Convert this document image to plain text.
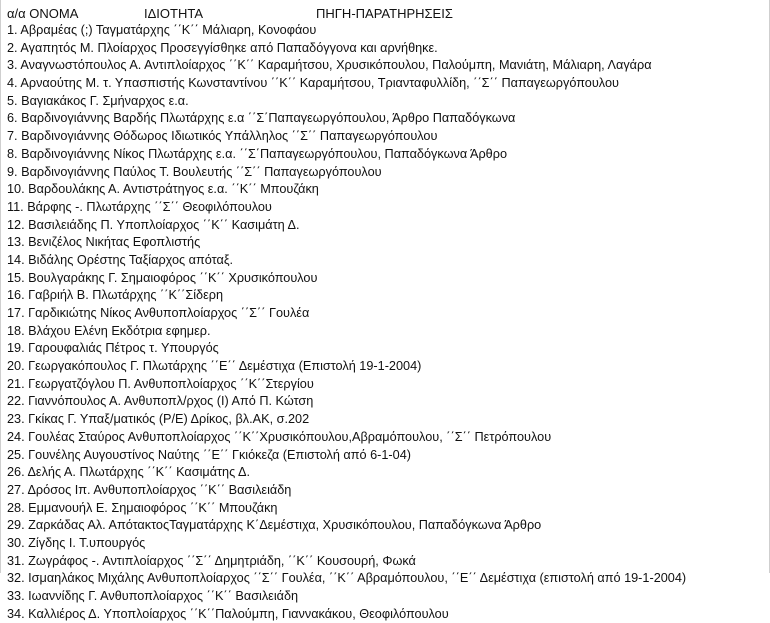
α/α ΟΝΟΜΑ	ΙΔΙΟΤΗΤΑ	ΠΗΓΗ-ΠΑΡΑΤΗΡΗΣΕΙΣ
1. Αβραμέας (;) Ταγματάρχης ΄΄Κ΄΄ Μάλιαρη, Κονοφάου
2. Αγαπητός Μ. Πλοίαρχος Προσεγγίσθηκε από Παπαδόγγονα και αρνήθηκε.
3. Αναγνωστόπουλος Α. Αντιπλοίαρχος ΄΄Κ΄΄ Καραμήτσου, Χρυσικόπουλου, Παλούμπη, Μανιάτη, Μάλιαρη, Λαγάρα
4. Αρναούτης Μ. τ. Υπασπιστής Κωνσταντίνου ΄΄Κ΄΄ Καραμήτσου, Τριανταφυλλίδη, ΄΄Σ΄΄ Παπαγεωργόπουλου
5. Βαγιακάκος Γ. Σμήναρχος ε.α.
6. Βαρδινογιάννης Βαρδής Πλωτάρχης ε.α ΄΄Σ΄Παπαγεωργόπουλου, Άρθρο Παπαδόγκωνα
7. Βαρδινογιάννης Θόδωρος Ιδιωτικός Υπάλληλος ΄΄Σ΄΄ Παπαγεωργόπουλου
8. Βαρδινογιάννης Νίκος Πλωτάρχης ε.α. ΄΄Σ΄Παπαγεωργόπουλου, Παπαδόγκωνα Άρθρο
9. Βαρδινογιάννης Παύλος Τ. Βουλευτής ΄΄Σ΄΄ Παπαγεωργόπουλου
10. Βαρδουλάκης Α. Αντιστράτηγος ε.α. ΄΄Κ΄΄ Μπουζάκη
11. Βάρφης -. Πλωτάρχης ΄΄Σ΄΄ Θεοφιλόπουλου
12. Βασιλειάδης Π. Υποπλοίαρχος ΄΄Κ΄΄ Κασιμάτη Δ.
13. Βενιζέλος Νικήτας Εφοπλιστής
14. Βιδάλης Ορέστης Ταξίαρχος απόταξ.
15. Βουλγαράκης Γ. Σημαιοφόρος ΄΄Κ΄΄ Χρυσικόπουλου
16. Γαβριήλ Β. Πλωτάρχης ΄΄Κ΄΄Σίδερη
17. Γαρδικιώτης Νίκος Ανθυποπλοίαρχος ΄΄Σ΄΄ Γουλέα
18. Βλάχου Ελένη Εκδότρια εφημερ.
19. Γαρουφαλιάς Πέτρος τ. Υπουργός
20. Γεωργακόπουλος Γ. Πλωτάρχης ΄΄Ε΄΄ Δεμέστιχα (Επιστολή 19-1-2004)
21. Γεωργατζόγλου Π. Ανθυποπλοίαρχος ΄΄Κ΄΄Στεργίου
22. Γιαννόπουλος Α. Ανθυποπλ/ρχος (Ι) Από Π. Κώτση
23. Γκίκας Γ. Υπαξ/ματικός (Ρ/Ε) Δρίκος, βλ.ΑΚ, σ.202
24. Γουλέας Σταύρος Ανθυποπλοίαρχος ΄΄Κ΄΄Χρυσικόπουλου,Αβραμόπουλου, ΄΄Σ΄΄ Πετρόπουλου
25. Γουνέλης Αυγουστίνος Ναύτης ΄΄Ε΄΄ Γκιόκεζα (Επιστολή από 6-1-04)
26. Δελής Α. Πλωτάρχης ΄΄Κ΄΄ Κασιμάτης Δ.
27. Δρόσος Ιπ. Ανθυποπλοίαρχος ΄΄Κ΄΄ Βασιλειάδη
28. Εμμανουήλ Ε. Σημαιοφόρος ΄΄Κ΄΄ Μπουζάκη
29. Ζαρκάδας Αλ. ΑπότακτοςΤαγματάρχης Κ΄Δεμέστιχα, Χρυσικόπουλου, Παπαδόγκωνα Άρθρο
30. Ζίγδης Ι. Τ.υπουργός
31. Ζωγράφος -. Αντιπλοίαρχος ΄΄Σ΄΄ Δημητριάδη, ΄΄Κ΄΄ Κουσουρή, Φωκά
32. Ισμαηλάκος Μιχάλης Ανθυποπλοίαρχος ΄΄Σ΄΄ Γουλέα, ΄΄Κ΄΄ Αβραμόπουλου, ΄΄Ε΄΄ Δεμέστιχα (επιστολή από 19-1-2004)
33. Ιωαννίδης Γ. Ανθυποπλοίαρχος ΄΄Κ΄΄ Βασιλειάδη
34. Καλλιέρος Δ. Υποπλοίαρχος ΄΄Κ΄΄Παλούμπη, Γιαννακάκου, Θεοφιλόπουλου
